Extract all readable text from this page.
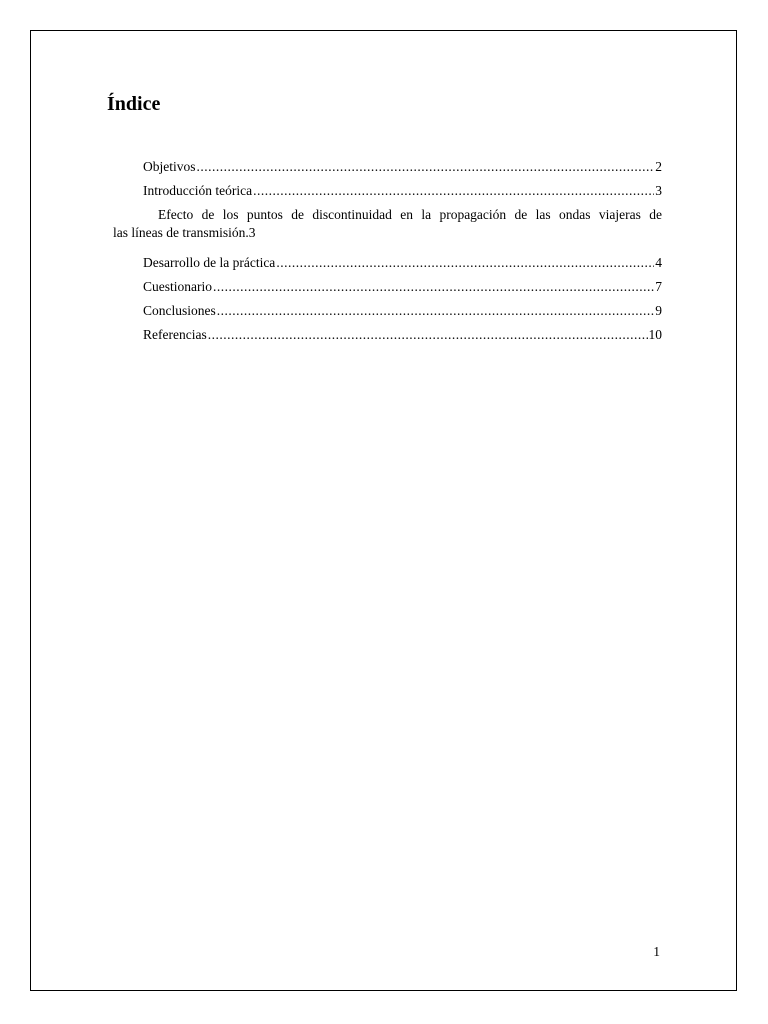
Índice
Objetivos .....	2
Introducción teórica .....	3
Efecto de los puntos de discontinuidad en la propagación de las ondas viajeras de
las líneas de transmisión. 3
Desarrollo de la práctica .....	4
Cuestionario .....	7
Conclusiones .....	9
Referencias .....	10
1
